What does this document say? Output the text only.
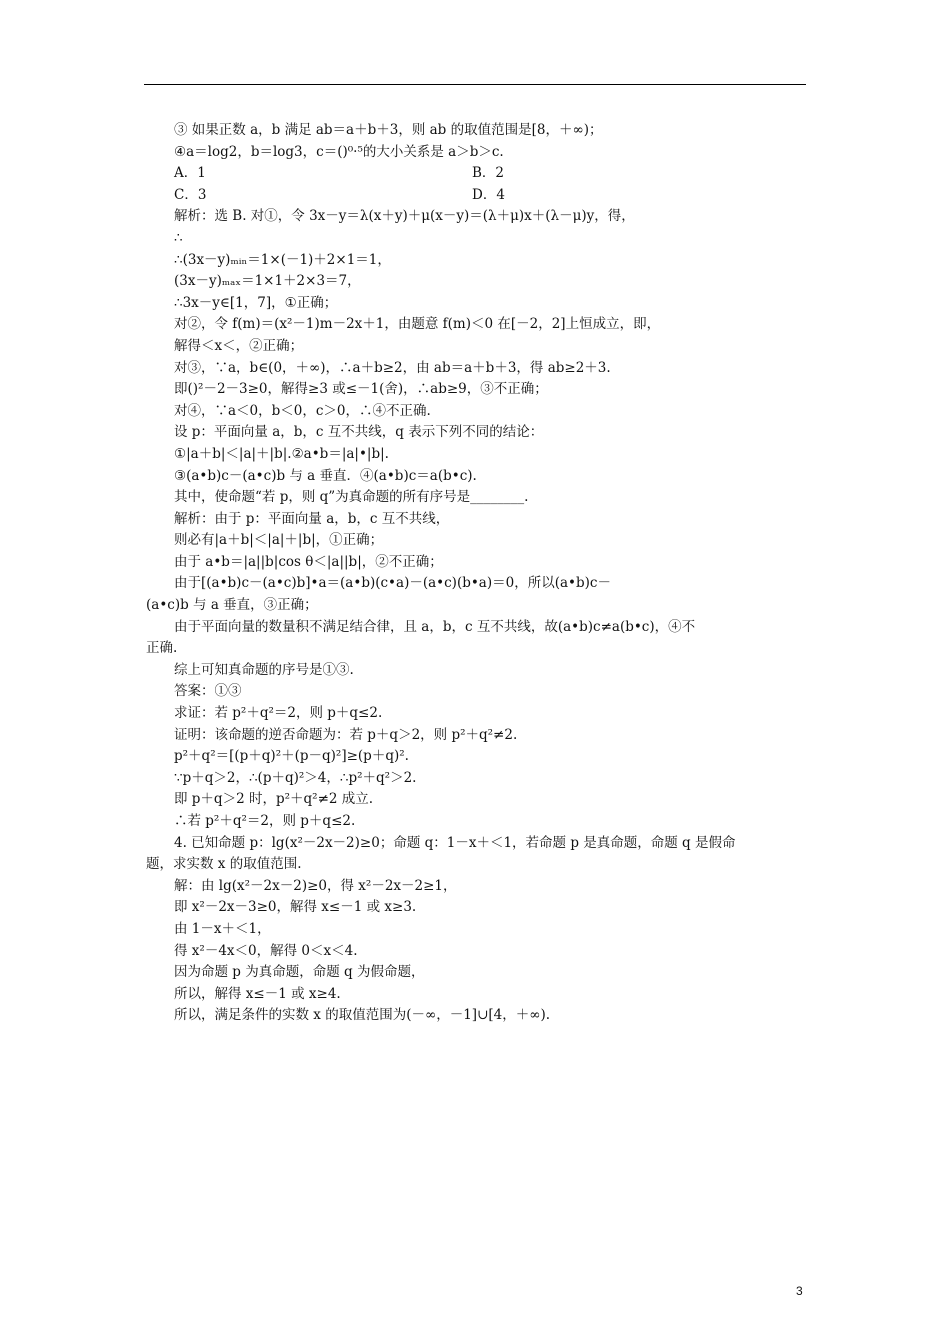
③ 如果正数 a，b 满足 ab＝a＋b＋3，则 ab 的取值范围是[8，＋∞)；
④a＝log2，b＝log3，c＝()⁰·⁵的大小关系是 a＞b＞c.
A．1	B．2
C．3	D．4
解析：选 B. 对①，令 3x－y＝λ(x＋y)＋μ(x－y)＝(λ＋μ)x＋(λ－μ)y，得，
∴
∴(3x－y)ₘᵢₙ＝1×(－1)＋2×1＝1，
(3x－y)ₘₐₓ＝1×1＋2×3＝7，
∴3x－y∈[1，7]，①正确；
对②，令 f(m)＝(x²－1)m－2x＋1，由题意 f(m)＜0 在[－2，2]上恒成立，即，
解得＜x＜，②正确；
对③，∵a，b∈(0，＋∞)，∴a＋b≥2，由 ab＝a＋b＋3，得 ab≥2＋3.
即()²－2－3≥0，解得≥3 或≤－1(舍)，∴ab≥9，③不正确；
对④，∵a＜0，b＜0，c＞0，∴④不正确.
设 p：平面向量 a，b，c 互不共线，q 表示下列不同的结论：
①|a＋b|＜|a|＋|b|.②a•b＝|a|•|b|.
③(a•b)c－(a•c)b 与 a 垂直．④(a•b)c＝a(b•c).
其中，使命题“若 p，则 q”为真命题的所有序号是________.
解析：由于 p：平面向量 a，b，c 互不共线，
则必有|a＋b|＜|a|＋|b|，①正确；
由于 a•b＝|a||b|cos θ＜|a||b|，②不正确；
由于[(a•b)c－(a•c)b]•a＝(a•b)(c•a)－(a•c)(b•a)＝0，所以(a•b)c－
(a•c)b 与 a 垂直，③正确；
由于平面向量的数量积不满足结合律，且 a，b，c 互不共线，故(a•b)c≠a(b•c)，④不
正确.
综上可知真命题的序号是①③.
答案：①③
求证：若 p²＋q²＝2，则 p＋q≤2.
证明：该命题的逆否命题为：若 p＋q＞2，则 p²＋q²≠2.
p²＋q²＝[(p＋q)²＋(p－q)²]≥(p＋q)².
∵p＋q＞2，∴(p＋q)²＞4，∴p²＋q²＞2.
即 p＋q＞2 时，p²＋q²≠2 成立.
∴若 p²＋q²＝2，则 p＋q≤2.
4. 已知命题 p：lg(x²－2x－2)≥0；命题 q：1－x＋＜1，若命题 p 是真命题，命题 q 是假命
题，求实数 x 的取值范围.
解：由 lg(x²－2x－2)≥0，得 x²－2x－2≥1，
即 x²－2x－3≥0，解得 x≤－1 或 x≥3.
由 1－x＋＜1，
得 x²－4x＜0，解得 0＜x＜4.
因为命题 p 为真命题，命题 q 为假命题，
所以，解得 x≤－1 或 x≥4.
所以，满足条件的实数 x 的取值范围为(－∞，－1]∪[4，＋∞).
3
